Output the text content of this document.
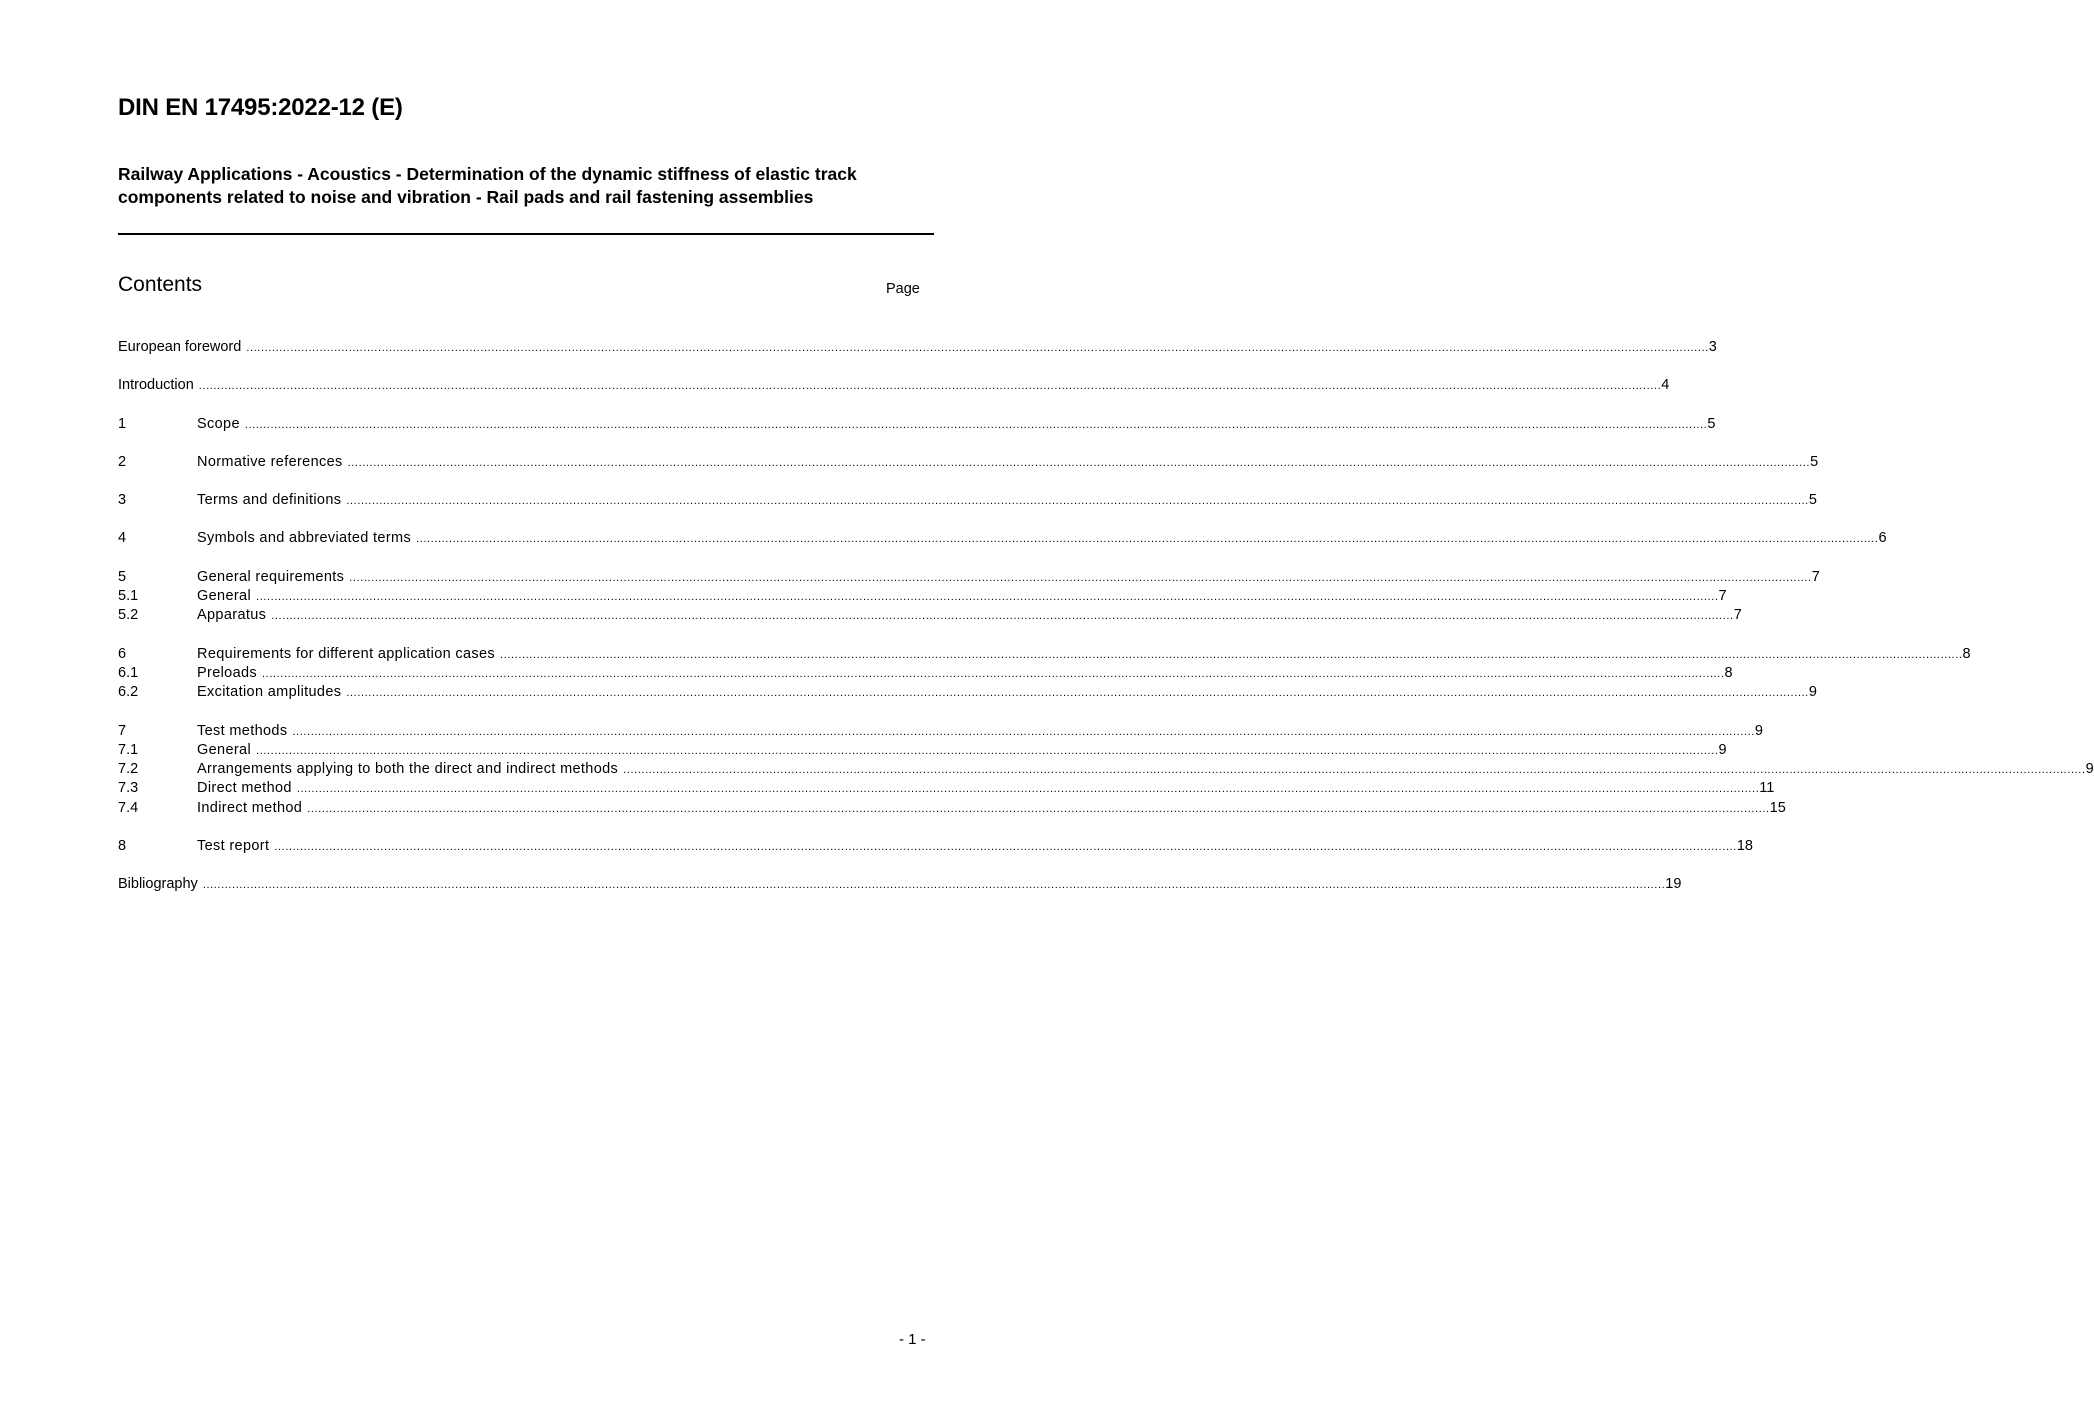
DIN EN 17495:2022-12 (E)
Railway Applications - Acoustics - Determination of the dynamic stiffness of elastic track components related to noise and vibration - Rail pads and rail fastening assemblies
Contents	Page
European foreword ................................................................................................................................................................................................................................................................................................................................................................................................................ 3
Introduction ................................................................................................................................................................................................................................................................................................................................................................................................................ 4
1	Scope ................................................................................................................................................................................................................................................................................................................................................................................................................ 5
2	Normative references ................................................................................................................................................................................................................................................................................................................................................................................................................ 5
3	Terms and definitions ................................................................................................................................................................................................................................................................................................................................................................................................................ 5
4	Symbols and abbreviated terms ................................................................................................................................................................................................................................................................................................................................................................................................................ 6
5	General requirements ................................................................................................................................................................................................................................................................................................................................................................................................................ 7
5.1	General ................................................................................................................................................................................................................................................................................................................................................................................................................ 7
5.2	Apparatus ................................................................................................................................................................................................................................................................................................................................................................................................................ 7
6	Requirements for different application cases ................................................................................................................................................................................................................................................................................................................................................................................................................ 8
6.1	Preloads ................................................................................................................................................................................................................................................................................................................................................................................................................ 8
6.2	Excitation amplitudes ................................................................................................................................................................................................................................................................................................................................................................................................................ 9
7	Test methods ................................................................................................................................................................................................................................................................................................................................................................................................................ 9
7.1	General ................................................................................................................................................................................................................................................................................................................................................................................................................ 9
7.2	Arrangements applying to both the direct and indirect methods ................................................................................................................................................................................................................................................................................................................................................................................................................ 9
7.3	Direct method ................................................................................................................................................................................................................................................................................................................................................................................................................ 11
7.4	Indirect method ................................................................................................................................................................................................................................................................................................................................................................................................................ 15
8	Test report ................................................................................................................................................................................................................................................................................................................................................................................................................ 18
Bibliography ................................................................................................................................................................................................................................................................................................................................................................................................................ 19
- 1 -
